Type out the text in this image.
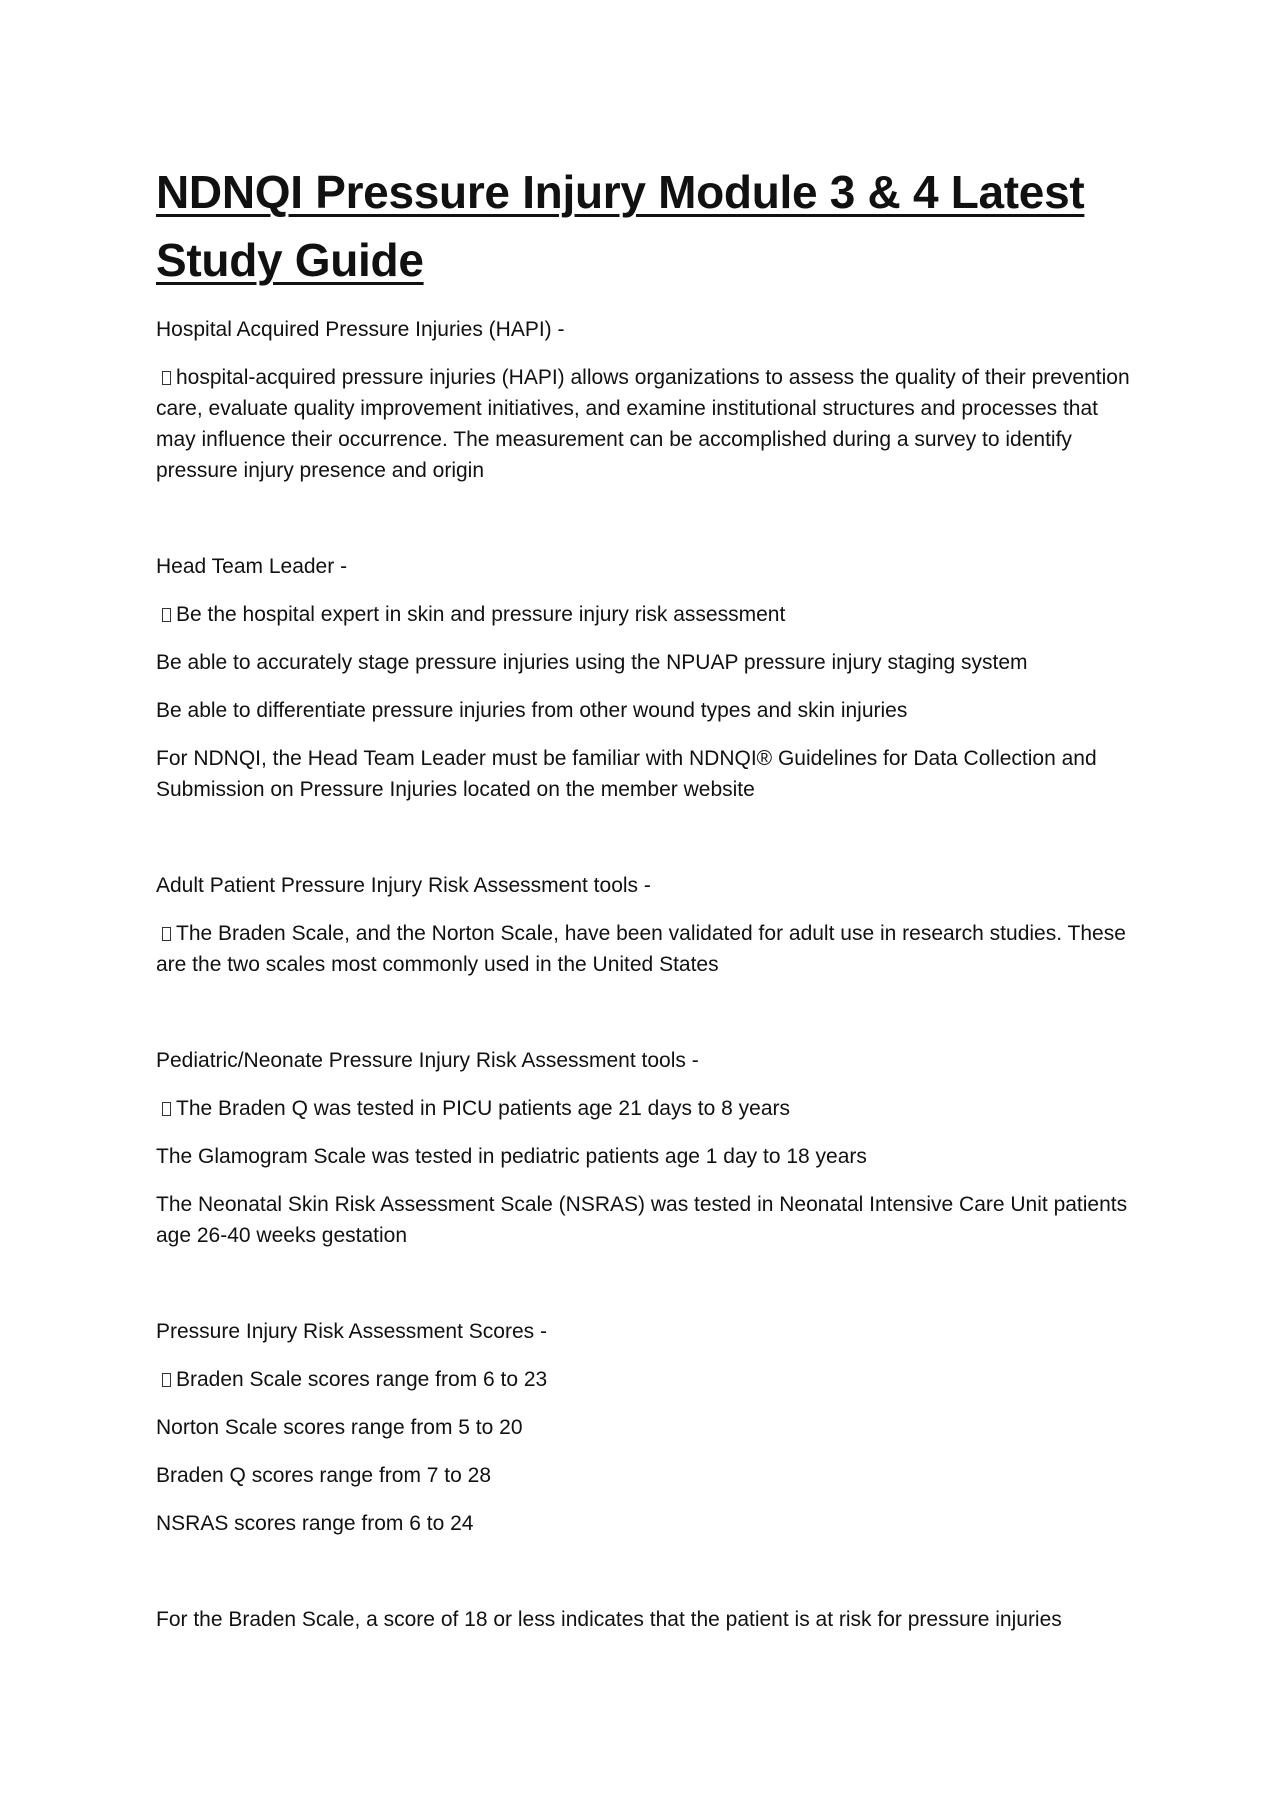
NDNQI Pressure Injury Module 3 & 4 Latest Study Guide

Hospital Acquired Pressure Injuries (HAPI) -

hospital-acquired pressure injuries (HAPI) allows organizations to assess the quality of their prevention care, evaluate quality improvement initiatives, and examine institutional structures and processes that may influence their occurrence. The measurement can be accomplished during a survey to identify pressure injury presence and origin

Head Team Leader -

Be the hospital expert in skin and pressure injury risk assessment

Be able to accurately stage pressure injuries using the NPUAP pressure injury staging system

Be able to differentiate pressure injuries from other wound types and skin injuries

For NDNQI, the Head Team Leader must be familiar with NDNQI® Guidelines for Data Collection and Submission on Pressure Injuries located on the member website

Adult Patient Pressure Injury Risk Assessment tools -

The Braden Scale, and the Norton Scale, have been validated for adult use in research studies. These are the two scales most commonly used in the United States

Pediatric/Neonate Pressure Injury Risk Assessment tools -

The Braden Q was tested in PICU patients age 21 days to 8 years

The Glamogram Scale was tested in pediatric patients age 1 day to 18 years

The Neonatal Skin Risk Assessment Scale (NSRAS) was tested in Neonatal Intensive Care Unit patients age 26-40 weeks gestation

Pressure Injury Risk Assessment Scores -

Braden Scale scores range from 6 to 23

Norton Scale scores range from 5 to 20

Braden Q scores range from 7 to 28

NSRAS scores range from 6 to 24

For the Braden Scale, a score of 18 or less indicates that the patient is at risk for pressure injuries
